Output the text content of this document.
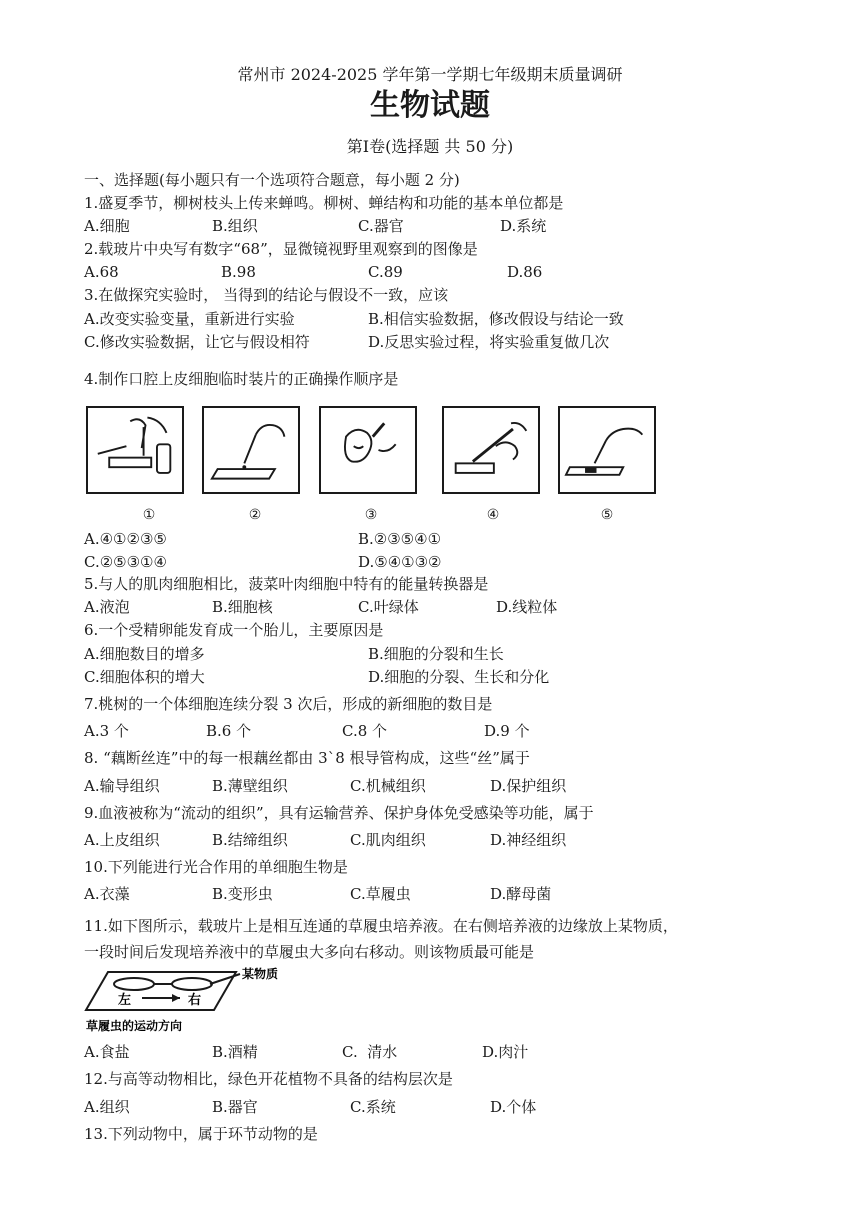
常州市 2024-2025 学年第一学期七年级期末质量调研
生物试题
第Ⅰ卷(选择题 共 50 分)
一、选择题(每小题只有一个选项符合题意，每小题 2 分)
1.盛夏季节，柳树枝头上传来蝉鸣。柳树、蝉结构和功能的基本单位都是
A.细胞	B.组织	C.器官	D.系统
2.载玻片中央写有数字“68”，显微镜视野里观察到的图像是
A.68	B.98	C.89	D.86
3.在做探究实验时， 当得到的结论与假设不一致，应该
A.改变实验变量，重新进行实验	B.相信实验数据，修改假设与结论一致
C.修改实验数据，让它与假设相符	D.反思实验过程，将实验重复做几次
4.制作口腔上皮细胞临时装片的正确操作顺序是
①	②	③	④	⑤
A.④①②③⑤	B.②③⑤④①
C.②⑤③①④	D.⑤④①③②
5.与人的肌肉细胞相比，菠菜叶肉细胞中特有的能量转换器是
A.液泡	B.细胞核	C.叶绿体	D.线粒体
6.一个受精卵能发育成一个胎儿，主要原因是
A.细胞数目的增多	B.细胞的分裂和生长
C.细胞体积的增大	D.细胞的分裂、生长和分化
7.桃树的一个体细胞连续分裂 3 次后，形成的新细胞的数目是
A.3 个	B.6 个	C.8 个	D.9 个
8. “藕断丝连”中的每一根藕丝都由 3`8 根导管构成，这些“丝”属于
A.输导组织	B.薄壁组织	C.机械组织	D.保护组织
9.血液被称为“流动的组织”，具有运输营养、保护身体免受感染等功能，属于
A.上皮组织	B.结缔组织	C.肌肉组织	D.神经组织
10.下列能进行光合作用的单细胞生物是
A.衣藻	B.变形虫	C.草履虫	D.酵母菌
11.如下图所示，载玻片上是相互连通的草履虫培养液。在右侧培养液的边缘放上某物质，
一段时间后发现培养液中的草履虫大多向右移动。则该物质最可能是
左	右
某物质
草履虫的运动方向
A.食盐	B.酒精	C.  清水	D.肉汁
12.与高等动物相比，绿色开花植物不具备的结构层次是
A.组织	B.器官	C.系统	D.个体
13.下列动物中，属于环节动物的是
